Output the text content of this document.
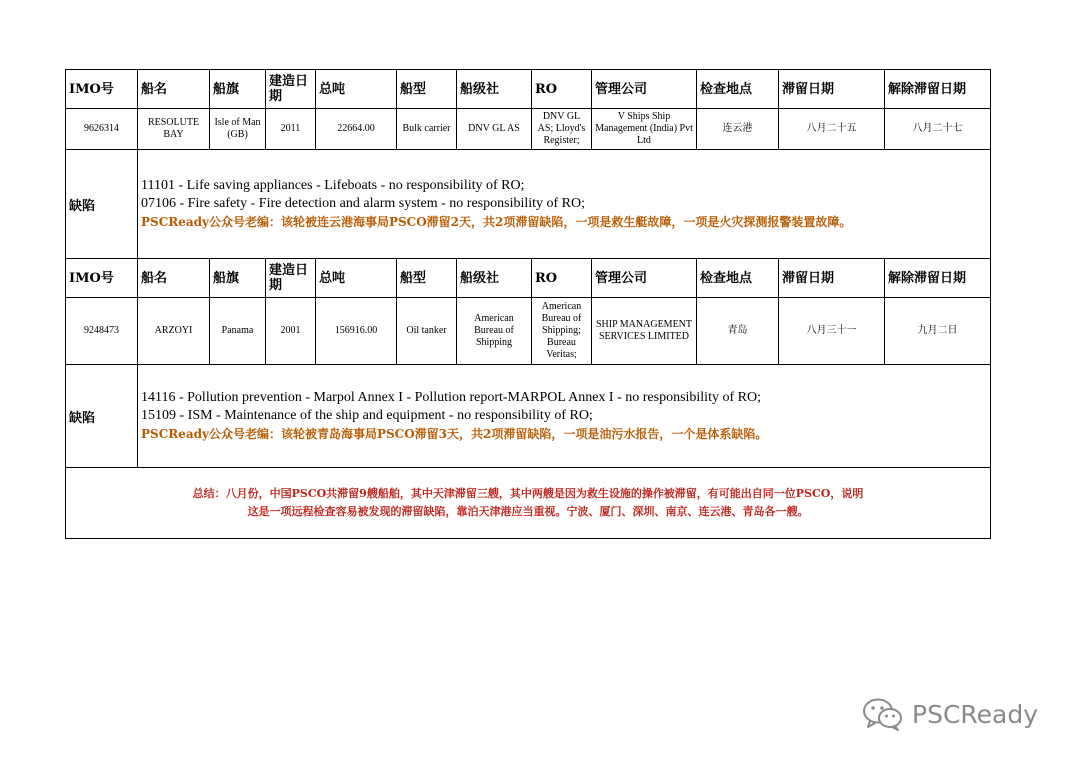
IMO号	船名	船旗	建造日期	总吨	船型	船级社	RO	管理公司	检查地点	滞留日期	解除滞留日期
9626314	RESOLUTE BAY	Isle of Man (GB)	2011	22664.00	Bulk carrier	DNV GL AS	DNV GL AS; Lloyd's Register;	V Ships Ship Management (India) Pvt Ltd	连云港	八月二十五	八月二十七
缺陷	11101 - Life saving appliances - Lifeboats - no responsibility of RO;
07106 - Fire safety - Fire detection and alarm system - no responsibility of RO;
PSCReady公众号老编：该轮被连云港海事局PSCO滞留2天，共2项滞留缺陷，一项是救生艇故障，一项是火灾探测报警装置故障。										

IMO号	船名	船旗	建造日期	总吨	船型	船级社	RO	管理公司	检查地点	滞留日期	解除滞留日期
9248473	ARZOYI	Panama	2001	156916.00	Oil tanker	American Bureau of Shipping	American Bureau of Shipping; Bureau Veritas;	SHIP MANAGEMENT SERVICES LIMITED	青岛	八月三十一	九月二日
缺陷	14116 - Pollution prevention - Marpol Annex I - Pollution report-MARPOL Annex I - no responsibility of RO;
15109 - ISM - Maintenance of the ship and equipment - no responsibility of RO;
PSCReady公众号老编：该轮被青岛海事局PSCO滞留3天，共2项滞留缺陷，一项是油污水报告，一个是体系缺陷。										

总结：八月份，中国PSCO共滞留9艘船舶，其中天津滞留三艘，其中两艘是因为救生设施的操作被滞留，有可能出自同一位PSCO，说明
这是一项远程检查容易被发现的滞留缺陷，靠泊天津港应当重视。宁波、厦门、深圳、南京、连云港、青岛各一艘。											
PSCReady
